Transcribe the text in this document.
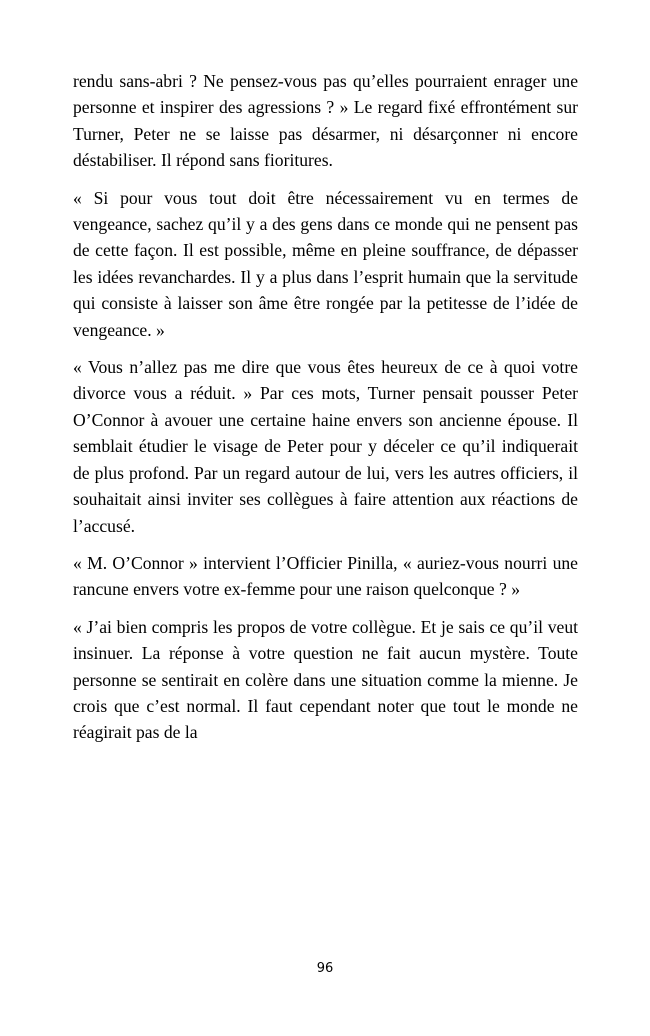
rendu sans-abri ? Ne pensez-vous pas qu’elles pourraient enrager une personne et inspirer des agressions ? » Le regard fixé effrontément sur Turner, Peter ne se laisse pas désarmer, ni désarçonner ni encore déstabiliser. Il répond sans fioritures.

« Si pour vous tout doit être nécessairement vu en termes de vengeance, sachez qu’il y a des gens dans ce monde qui ne pensent pas de cette façon. Il est possible, même en pleine souffrance, de dépasser les idées revanchardes. Il y a plus dans l’esprit humain que la servitude qui consiste à laisser son âme être rongée par la petitesse de l’idée de vengeance. »

« Vous n’allez pas me dire que vous êtes heureux de ce à quoi votre divorce vous a réduit. » Par ces mots, Turner pensait pousser Peter O’Connor à avouer une certaine haine envers son ancienne épouse. Il semblait étudier le visage de Peter pour y déceler ce qu’il indiquerait de plus profond. Par un regard autour de lui, vers les autres officiers, il souhaitait ainsi inviter ses collègues à faire attention aux réactions de l’accusé.

« M. O’Connor » intervient l’Officier Pinilla, « auriez-vous nourri une rancune envers votre ex-femme pour une raison quelconque ? »

« J’ai bien compris les propos de votre collègue. Et je sais ce qu’il veut insinuer. La réponse à votre question ne fait aucun mystère. Toute personne se sentirait en colère dans une situation comme la mienne. Je crois que c’est normal. Il faut cependant noter que tout le monde ne réagirait pas de la

96
